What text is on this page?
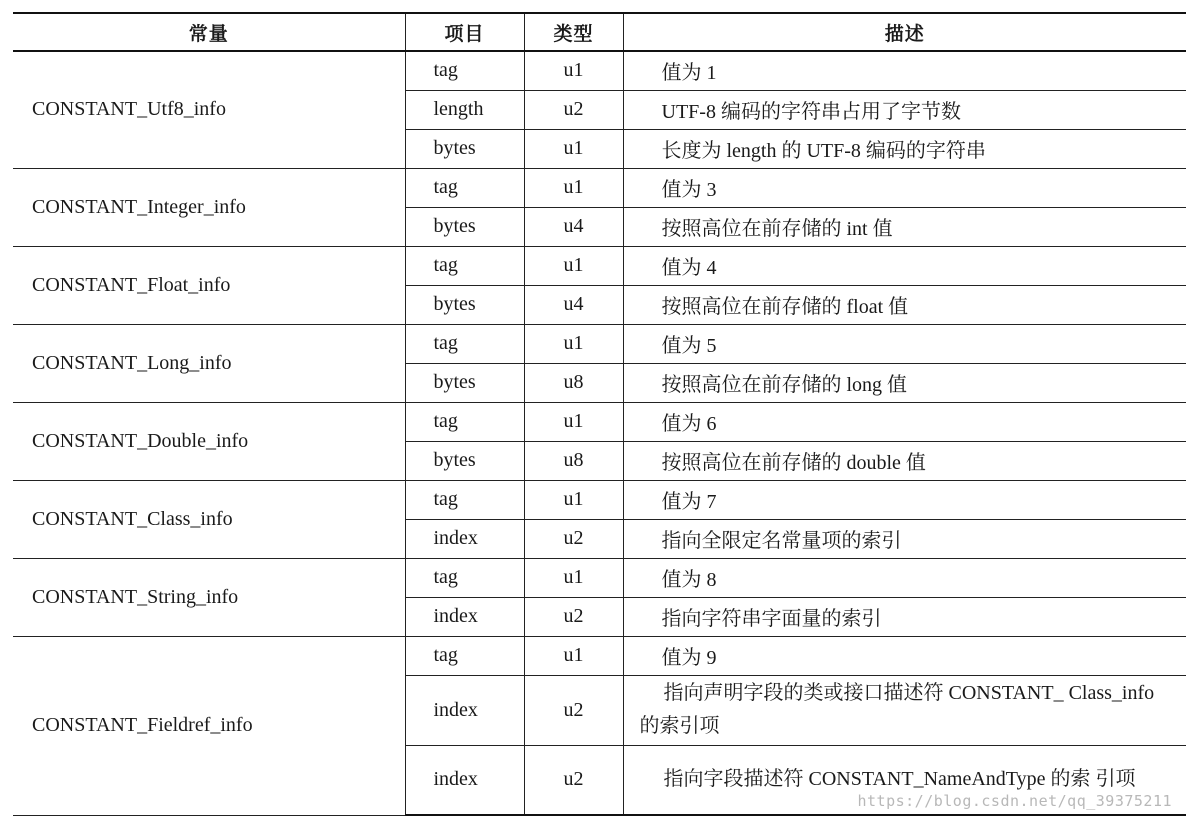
常量	项目	类型	描述
CONSTANT_Utf8_info	tag	u1	值为 1
	length	u2	UTF-8 编码的字符串占用了字节数
	bytes	u1	长度为 length 的 UTF-8 编码的字符串
CONSTANT_Integer_info	tag	u1	值为 3
	bytes	u4	按照高位在前存储的 int 值
CONSTANT_Float_info	tag	u1	值为 4
	bytes	u4	按照高位在前存储的 float 值
CONSTANT_Long_info	tag	u1	值为 5
	bytes	u8	按照高位在前存储的 long 值
CONSTANT_Double_info	tag	u1	值为 6
	bytes	u8	按照高位在前存储的 double 值
CONSTANT_Class_info	tag	u1	值为 7
	index	u2	指向全限定名常量项的索引
CONSTANT_String_info	tag	u1	值为 8
	index	u2	指向字符串字面量的索引
CONSTANT_Fieldref_info	tag	u1	值为 9
	index	u2	指向声明字段的类或接口描述符 CONSTANT_ Class_info 的索引项
	index	u2	指向字段描述符 CONSTANT_NameAndType 的索 引项
https://blog.csdn.net/qq_39375211
